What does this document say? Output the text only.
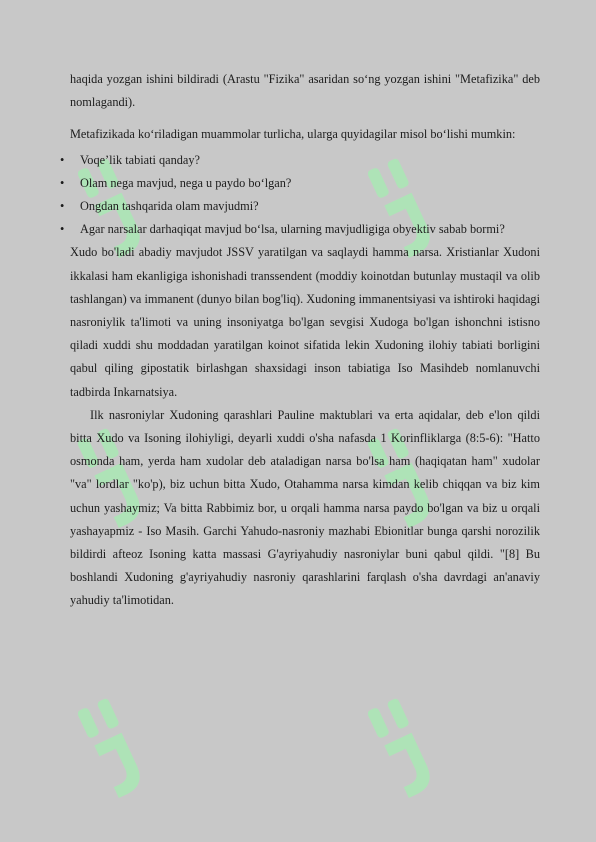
haqida yozgan ishini bildiradi (Arastu "Fizika" asaridan so‘ng yozgan ishini "Metafizika" deb nomlagandi).

Metafizikada ko‘riladigan muammolar turlicha, ularga quyidagilar misol bo‘lishi mumkin:

• Voqe’lik tabiati qanday?
• Olam nega mavjud, nega u paydo bo‘lgan?
• Ongdan tashqarida olam mavjudmi?
• Agar narsalar darhaqiqat mavjud bo‘lsa, ularning mavjudligiga obyektiv sabab bormi?

Xudo bo'ladi abadiy mavjudot JSSV yaratilgan va saqlaydi hamma narsa. Xristianlar Xudoni ikkalasi ham ekanligiga ishonishadi transsendent (moddiy koinotdan butunlay mustaqil va olib tashlangan) va immanent (dunyo bilan bog'liq). Xudoning immanentsiyasi va ishtiroki haqidagi nasroniylik ta'limoti va uning insoniyatga bo'lgan sevgisi Xudoga bo'lgan ishonchni istisno qiladi xuddi shu moddadan yaratilgan koinot sifatida lekin Xudoning ilohiy tabiati borligini qabul qiling gipostatik birlashgan shaxsidagi inson tabiatiga Iso Masihdeb nomlanuvchi tadbirda Inkarnatsiya.

Ilk nasroniylar Xudoning qarashlari Pauline maktublari va erta aqidalar, deb e'lon qildi bitta Xudo va Isoning ilohiyligi, deyarli xuddi o'sha nafasda 1 Korinfliklarga (8:5-6): "Hatto osmonda ham, yerda ham xudolar deb ataladigan narsa bo'lsa ham (haqiqatan ham" xudolar "va" lordlar "ko'p), biz uchun bitta Xudo, Otahamma narsa kimdan kelib chiqqan va biz kim uchun yashaymiz; Va bitta Rabbimiz bor, u orqali hamma narsa paydo bo'lgan va biz u orqali yashayapmiz - Iso Masih. Garchi Yahudo-nasroniy mazhabi Ebionitlar bunga qarshi norozilik bildirdi afteoz Isoning katta massasi G'ayriyahudiy nasroniylar buni qabul qildi. "[8] Bu boshlandi Xudoning g'ayriyahudiy nasroniy qarashlarini farqlash o'sha davrdagi an'anaviy yahudiy ta'limotidan.
